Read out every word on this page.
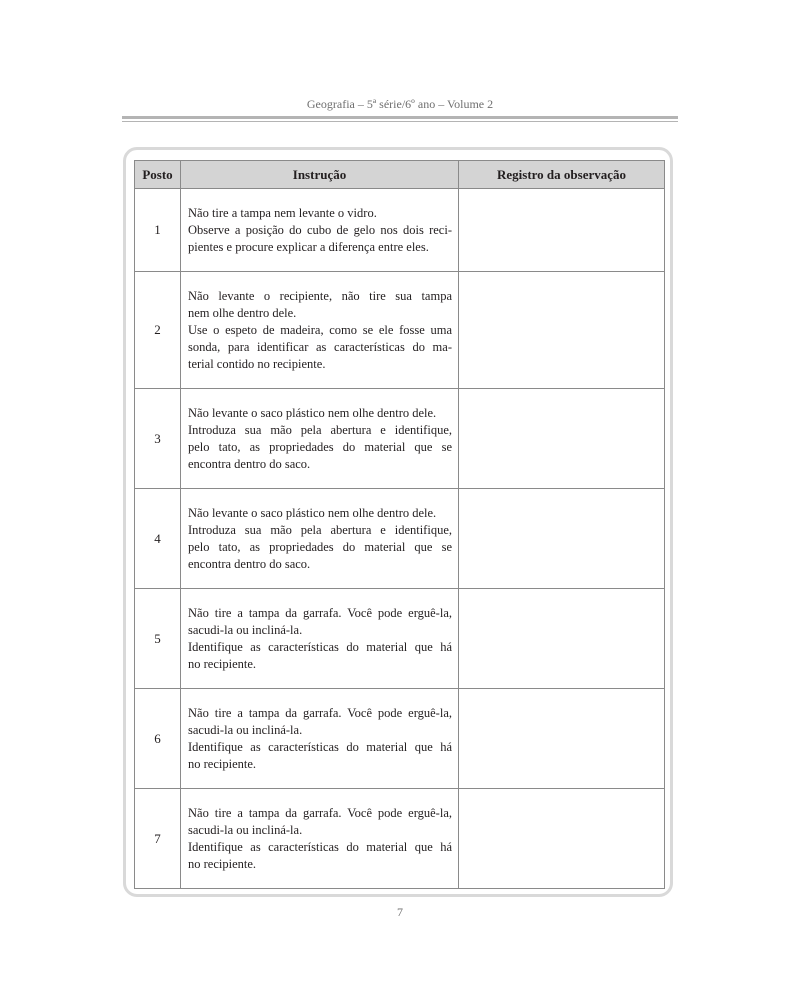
Geografia – 5ª série/6º ano – Volume 2
Posto	Instrução	Registro da observação
1	Não tire a tampa nem levante o vidro.
Observe a posição do cubo de gelo nos dois reci-
pientes e procure explicar a diferença entre eles.	

2	Não levante o recipiente, não tire sua tampa
nem olhe dentro dele.
Use o espeto de madeira, como se ele fosse uma
sonda, para identificar as características do ma-
terial contido no recipiente.	

3	Não levante o saco plástico nem olhe dentro dele.
Introduza sua mão pela abertura e identifique,
pelo tato, as propriedades do material que se
encontra dentro do saco.	

4	Não levante o saco plástico nem olhe dentro dele.
Introduza sua mão pela abertura e identifique,
pelo tato, as propriedades do material que se
encontra dentro do saco.	

5	Não tire a tampa da garrafa. Você pode erguê-la,
sacudi-la ou incliná-la.
Identifique as características do material que há
no recipiente.	

6	Não tire a tampa da garrafa. Você pode erguê-la,
sacudi-la ou incliná-la.
Identifique as características do material que há
no recipiente.	

7	Não tire a tampa da garrafa. Você pode erguê-la,
sacudi-la ou incliná-la.
Identifique as características do material que há
no recipiente.	

7
